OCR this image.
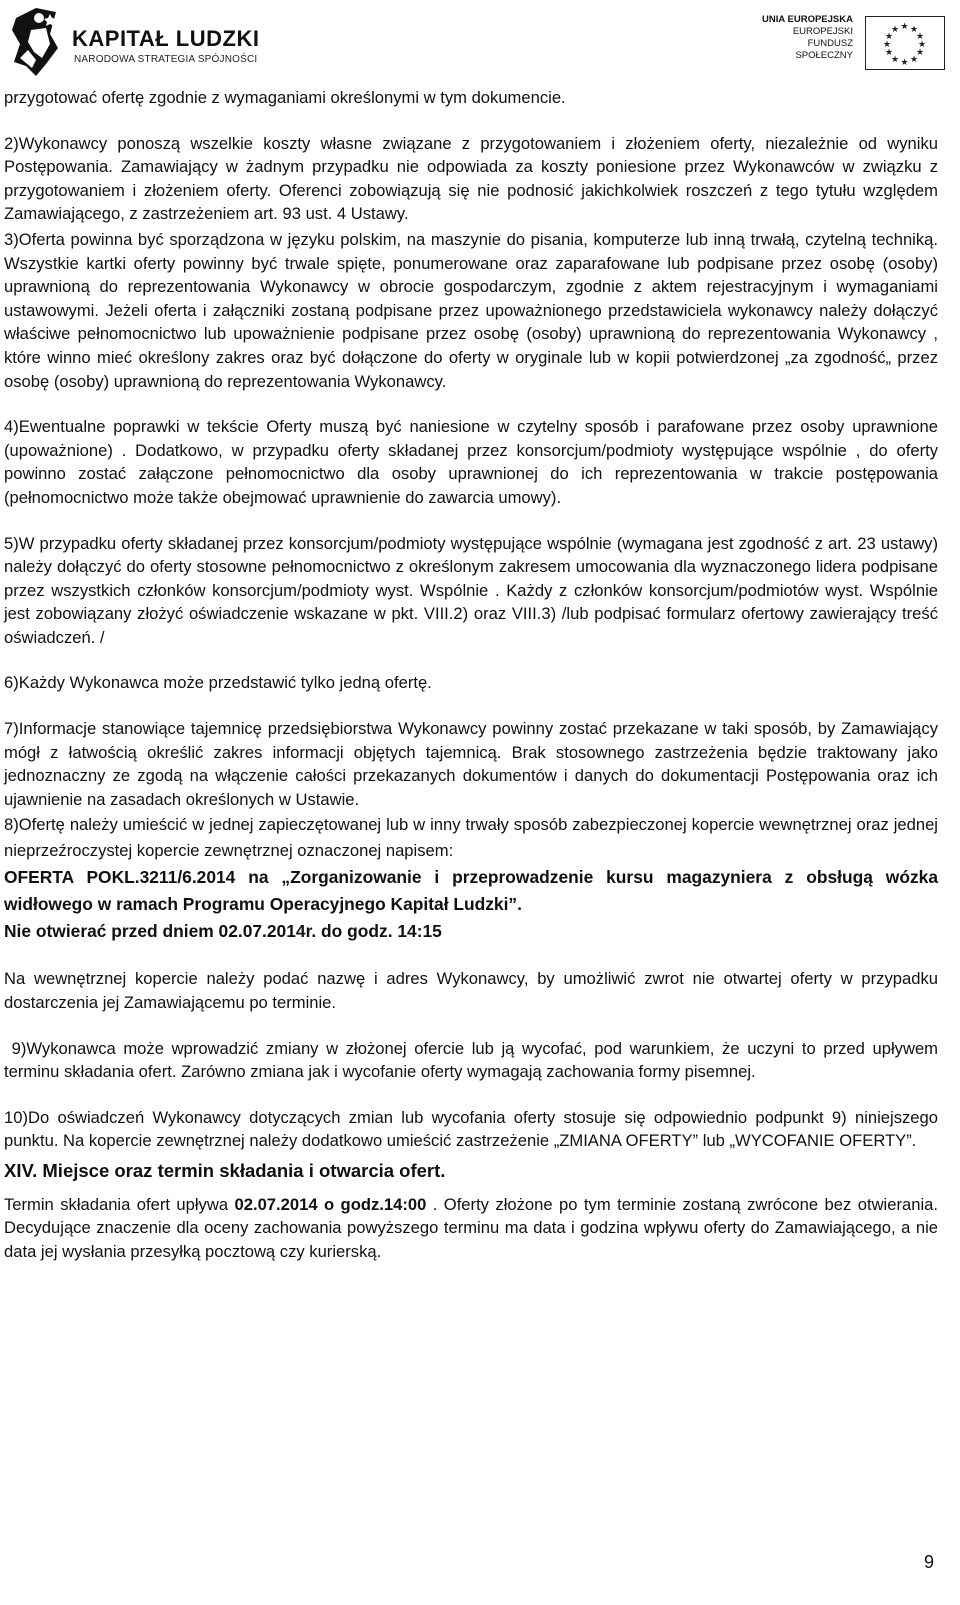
KAPITAŁ LUDZKI
NARODOWA STRATEGIA SPÓJNOŚCI
UNIA EUROPEJSKA
EUROPEJSKI
FUNDUSZ SPOŁECZNY
★ ★
★
★
★
★
★
★
★
★
★
★

przygotować ofertę zgodnie z wymaganiami określonymi w tym dokumencie.

2)Wykonawcy ponoszą wszelkie koszty własne związane z przygotowaniem i złożeniem oferty, niezależnie od wyniku Postępowania. Zamawiający w żadnym przypadku nie odpowiada za koszty poniesione przez Wykonawców w związku z przygotowaniem i złożeniem oferty. Oferenci zobowiązują się nie podnosić jakichkolwiek roszczeń z tego tytułu względem Zamawiającego, z zastrzeżeniem art. 93 ust. 4 Ustawy.

3)Oferta powinna być sporządzona w języku polskim, na maszynie do pisania, komputerze lub inną trwałą, czytelną techniką. Wszystkie kartki oferty powinny być trwale spięte, ponumerowane oraz zaparafowane lub podpisane przez osobę (osoby) uprawnioną do reprezentowania Wykonawcy w obrocie gospodarczym, zgodnie z aktem rejestracyjnym i wymaganiami ustawowymi. Jeżeli oferta i załączniki zostaną podpisane przez upoważnionego przedstawiciela wykonawcy należy dołączyć właściwe pełnomocnictwo lub upoważnienie podpisane przez osobę (osoby) uprawnioną do reprezentowania Wykonawcy , które winno mieć określony zakres oraz być dołączone do oferty w oryginale lub w kopii potwierdzonej „za zgodność„ przez osobę (osoby) uprawnioną do reprezentowania Wykonawcy.

4)Ewentualne poprawki w tekście Oferty muszą być naniesione w czytelny sposób i parafowane przez osoby uprawnione (upoważnione) . Dodatkowo, w przypadku oferty składanej przez konsorcjum/podmioty występujące wspólnie , do oferty powinno zostać załączone pełnomocnictwo dla osoby uprawnionej do ich reprezentowania w trakcie postępowania (pełnomocnictwo może także obejmować uprawnienie do zawarcia umowy).

5)W przypadku oferty składanej przez konsorcjum/podmioty występujące wspólnie (wymagana jest zgodność z art. 23 ustawy) należy dołączyć do oferty stosowne pełnomocnictwo z określonym zakresem umocowania dla wyznaczonego lidera podpisane przez wszystkich członków konsorcjum/podmioty wyst. Wspólnie . Każdy z członków konsorcjum/podmiotów wyst. Wspólnie jest zobowiązany złożyć oświadczenie wskazane w pkt. VIII.2) oraz VIII.3) /lub podpisać formularz ofertowy zawierający treść oświadczeń. /

6)Każdy Wykonawca może przedstawić tylko jedną ofertę.

7)Informacje stanowiące tajemnicę przedsiębiorstwa Wykonawcy powinny zostać przekazane w taki sposób, by Zamawiający mógł z łatwością określić zakres informacji objętych tajemnicą. Brak stosownego zastrzeżenia będzie traktowany jako jednoznaczny ze zgodą na włączenie całości przekazanych dokumentów i danych do dokumentacji Postępowania oraz ich ujawnienie na zasadach określonych w Ustawie.

8)Ofertę należy umieścić w jednej zapieczętowanej lub w inny trwały sposób zabezpieczonej kopercie wewnętrznej oraz jednej nieprzeźroczystej kopercie zewnętrznej oznaczonej napisem:

OFERTA POKL.3211/6.2014 na „Zorganizowanie i przeprowadzenie kursu magazyniera z obsługą wózka widłowego w ramach Programu Operacyjnego Kapitał Ludzki”.

Nie otwierać przed dniem 02.07.2014r. do godz. 14:15

Na wewnętrznej kopercie należy podać nazwę i adres Wykonawcy, by umożliwić zwrot nie otwartej oferty w przypadku dostarczenia jej Zamawiającemu po terminie.

9)Wykonawca może wprowadzić zmiany w złożonej ofercie lub ją wycofać, pod warunkiem, że uczyni to przed upływem terminu składania ofert. Zarówno zmiana jak i wycofanie oferty wymagają zachowania formy pisemnej.

10)Do oświadczeń Wykonawcy dotyczących zmian lub wycofania oferty stosuje się odpowiednio podpunkt 9) niniejszego punktu. Na kopercie zewnętrznej należy dodatkowo umieścić zastrzeżenie „ZMIANA OFERTY” lub „WYCOFANIE OFERTY”.

XIV. Miejsce oraz termin składania i otwarcia ofert.

Termin składania ofert upływa 02.07.2014 o godz.14:00 . Oferty złożone po tym terminie zostaną zwrócone bez otwierania. Decydujące znaczenie dla oceny zachowania powyższego terminu ma data i godzina wpływu oferty do Zamawiającego, a nie data jej wysłania przesyłką pocztową czy kurierską.

9
